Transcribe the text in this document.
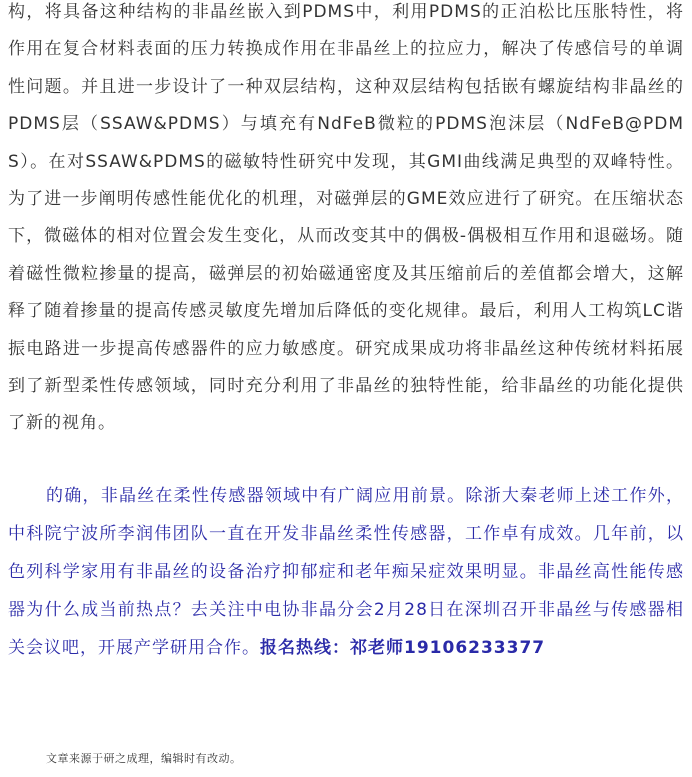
构，将具备这种结构的非晶丝嵌入到PDMS中，利用PDMS的正泊松比压胀特性，将作用在复合材料表面的压力转换成作用在非晶丝上的拉应力，解决了传感信号的单调性问题。并且进一步设计了一种双层结构，这种双层结构包括嵌有螺旋结构非晶丝的PDMS层（SSAW&PDMS）与填充有NdFeB微粒的PDMS泡沫层（NdFeB@PDMS）。在对SSAW&PDMS的磁敏特性研究中发现，其GMI曲线满足典型的双峰特性。为了进一步阐明传感性能优化的机理，对磁弹层的GME效应进行了研究。在压缩状态下，微磁体的相对位置会发生变化，从而改变其中的偶极-偶极相互作用和退磁场。随着磁性微粒掺量的提高，磁弹层的初始磁通密度及其压缩前后的差值都会增大，这解释了随着掺量的提高传感灵敏度先增加后降低的变化规律。最后，利用人工构筑LC谐振电路进一步提高传感器件的应力敏感度。研究成果成功将非晶丝这种传统材料拓展到了新型柔性传感领域，同时充分利用了非晶丝的独特性能，给非晶丝的功能化提供了新的视角。

的确，非晶丝在柔性传感器领域中有广阔应用前景。除浙大秦老师上述工作外，中科院宁波所李润伟团队一直在开发非晶丝柔性传感器，工作卓有成效。几年前，以色列科学家用有非晶丝的设备治疗抑郁症和老年痴呆症效果明显。非晶丝高性能传感器为什么成当前热点？去关注中电协非晶分会2月28日在深圳召开非晶丝与传感器相关会议吧，开展产学研用合作。报名热线：祁老师19106233377

文章来源于研之成理，编辑时有改动。
